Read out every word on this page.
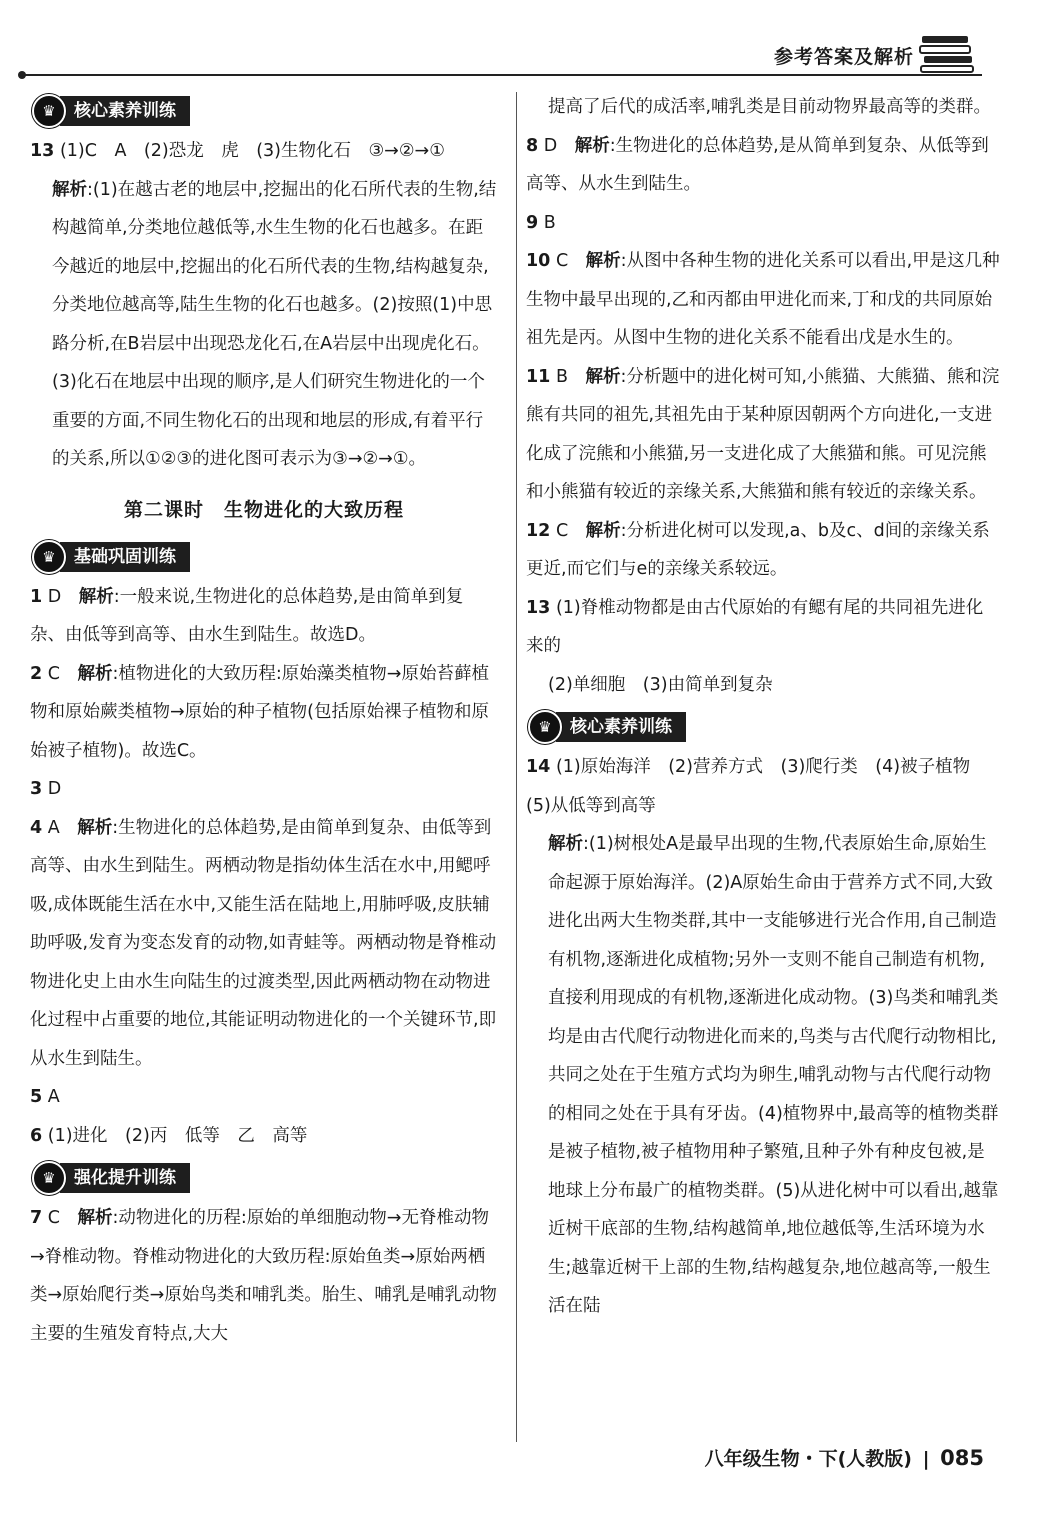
参考答案及解析
♛	核心素养训练

13 (1)C　A　(2)恐龙　虎　(3)生物化石　③→②→①

解析:(1)在越古老的地层中,挖掘出的化石所代表的生物,结构越简单,分类地位越低等,水生生物的化石也越多。在距今越近的地层中,挖掘出的化石所代表的生物,结构越复杂,分类地位越高等,陆生生物的化石也越多。(2)按照(1)中思路分析,在B岩层中出现恐龙化石,在A岩层中出现虎化石。(3)化石在地层中出现的顺序,是人们研究生物进化的一个重要的方面,不同生物化石的出现和地层的形成,有着平行的关系,所以①②③的进化图可表示为③→②→①。

第二课时　生物进化的大致历程
♛	基础巩固训练

1 D　解析:一般来说,生物进化的总体趋势,是由简单到复杂、由低等到高等、由水生到陆生。故选D。

2 C　解析:植物进化的大致历程:原始藻类植物→原始苔藓植物和原始蕨类植物→原始的种子植物(包括原始裸子植物和原始被子植物)。故选C。

3 D

4 A　解析:生物进化的总体趋势,是由简单到复杂、由低等到高等、由水生到陆生。两栖动物是指幼体生活在水中,用鳃呼吸,成体既能生活在水中,又能生活在陆地上,用肺呼吸,皮肤辅助呼吸,发育为变态发育的动物,如青蛙等。两栖动物是脊椎动物进化史上由水生向陆生的过渡类型,因此两栖动物在动物进化过程中占重要的地位,其能证明动物进化的一个关键环节,即从水生到陆生。

5 A

6 (1)进化　(2)丙　低等　乙　高等

♛	强化提升训练

7 C　解析:动物进化的历程:原始的单细胞动物→无脊椎动物→脊椎动物。脊椎动物进化的大致历程:原始鱼类→原始两栖类→原始爬行类→原始鸟类和哺乳类。胎生、哺乳是哺乳动物主要的生殖发育特点,大大

提高了后代的成活率,哺乳类是目前动物界最高等的类群。

8 D　解析:生物进化的总体趋势,是从简单到复杂、从低等到高等、从水生到陆生。

9 B

10 C　解析:从图中各种生物的进化关系可以看出,甲是这几种生物中最早出现的,乙和丙都由甲进化而来,丁和戊的共同原始祖先是丙。从图中生物的进化关系不能看出戊是水生的。

11 B　解析:分析题中的进化树可知,小熊猫、大熊猫、熊和浣熊有共同的祖先,其祖先由于某种原因朝两个方向进化,一支进化成了浣熊和小熊猫,另一支进化成了大熊猫和熊。可见浣熊和小熊猫有较近的亲缘关系,大熊猫和熊有较近的亲缘关系。

12 C　解析:分析进化树可以发现,a、b及c、d间的亲缘关系更近,而它们与e的亲缘关系较远。

13 (1)脊椎动物都是由古代原始的有鳃有尾的共同祖先进化来的

(2)单细胞　(3)由简单到复杂

♛	核心素养训练

14 (1)原始海洋　(2)营养方式　(3)爬行类　(4)被子植物　(5)从低等到高等

解析:(1)树根处A是最早出现的生物,代表原始生命,原始生命起源于原始海洋。(2)A原始生命由于营养方式不同,大致进化出两大生物类群,其中一支能够进行光合作用,自己制造有机物,逐渐进化成植物;另外一支则不能自己制造有机物,直接利用现成的有机物,逐渐进化成动物。(3)鸟类和哺乳类均是由古代爬行动物进化而来的,鸟类与古代爬行动物相比,共同之处在于生殖方式均为卵生,哺乳动物与古代爬行动物的相同之处在于具有牙齿。(4)植物界中,最高等的植物类群是被子植物,被子植物用种子繁殖,且种子外有种皮包被,是地球上分布最广的植物类群。(5)从进化树中可以看出,越靠近树干底部的生物,结构越简单,地位越低等,生活环境为水生;越靠近树干上部的生物,结构越复杂,地位越高等,一般生活在陆

八年级生物・下(人教版) | 085
